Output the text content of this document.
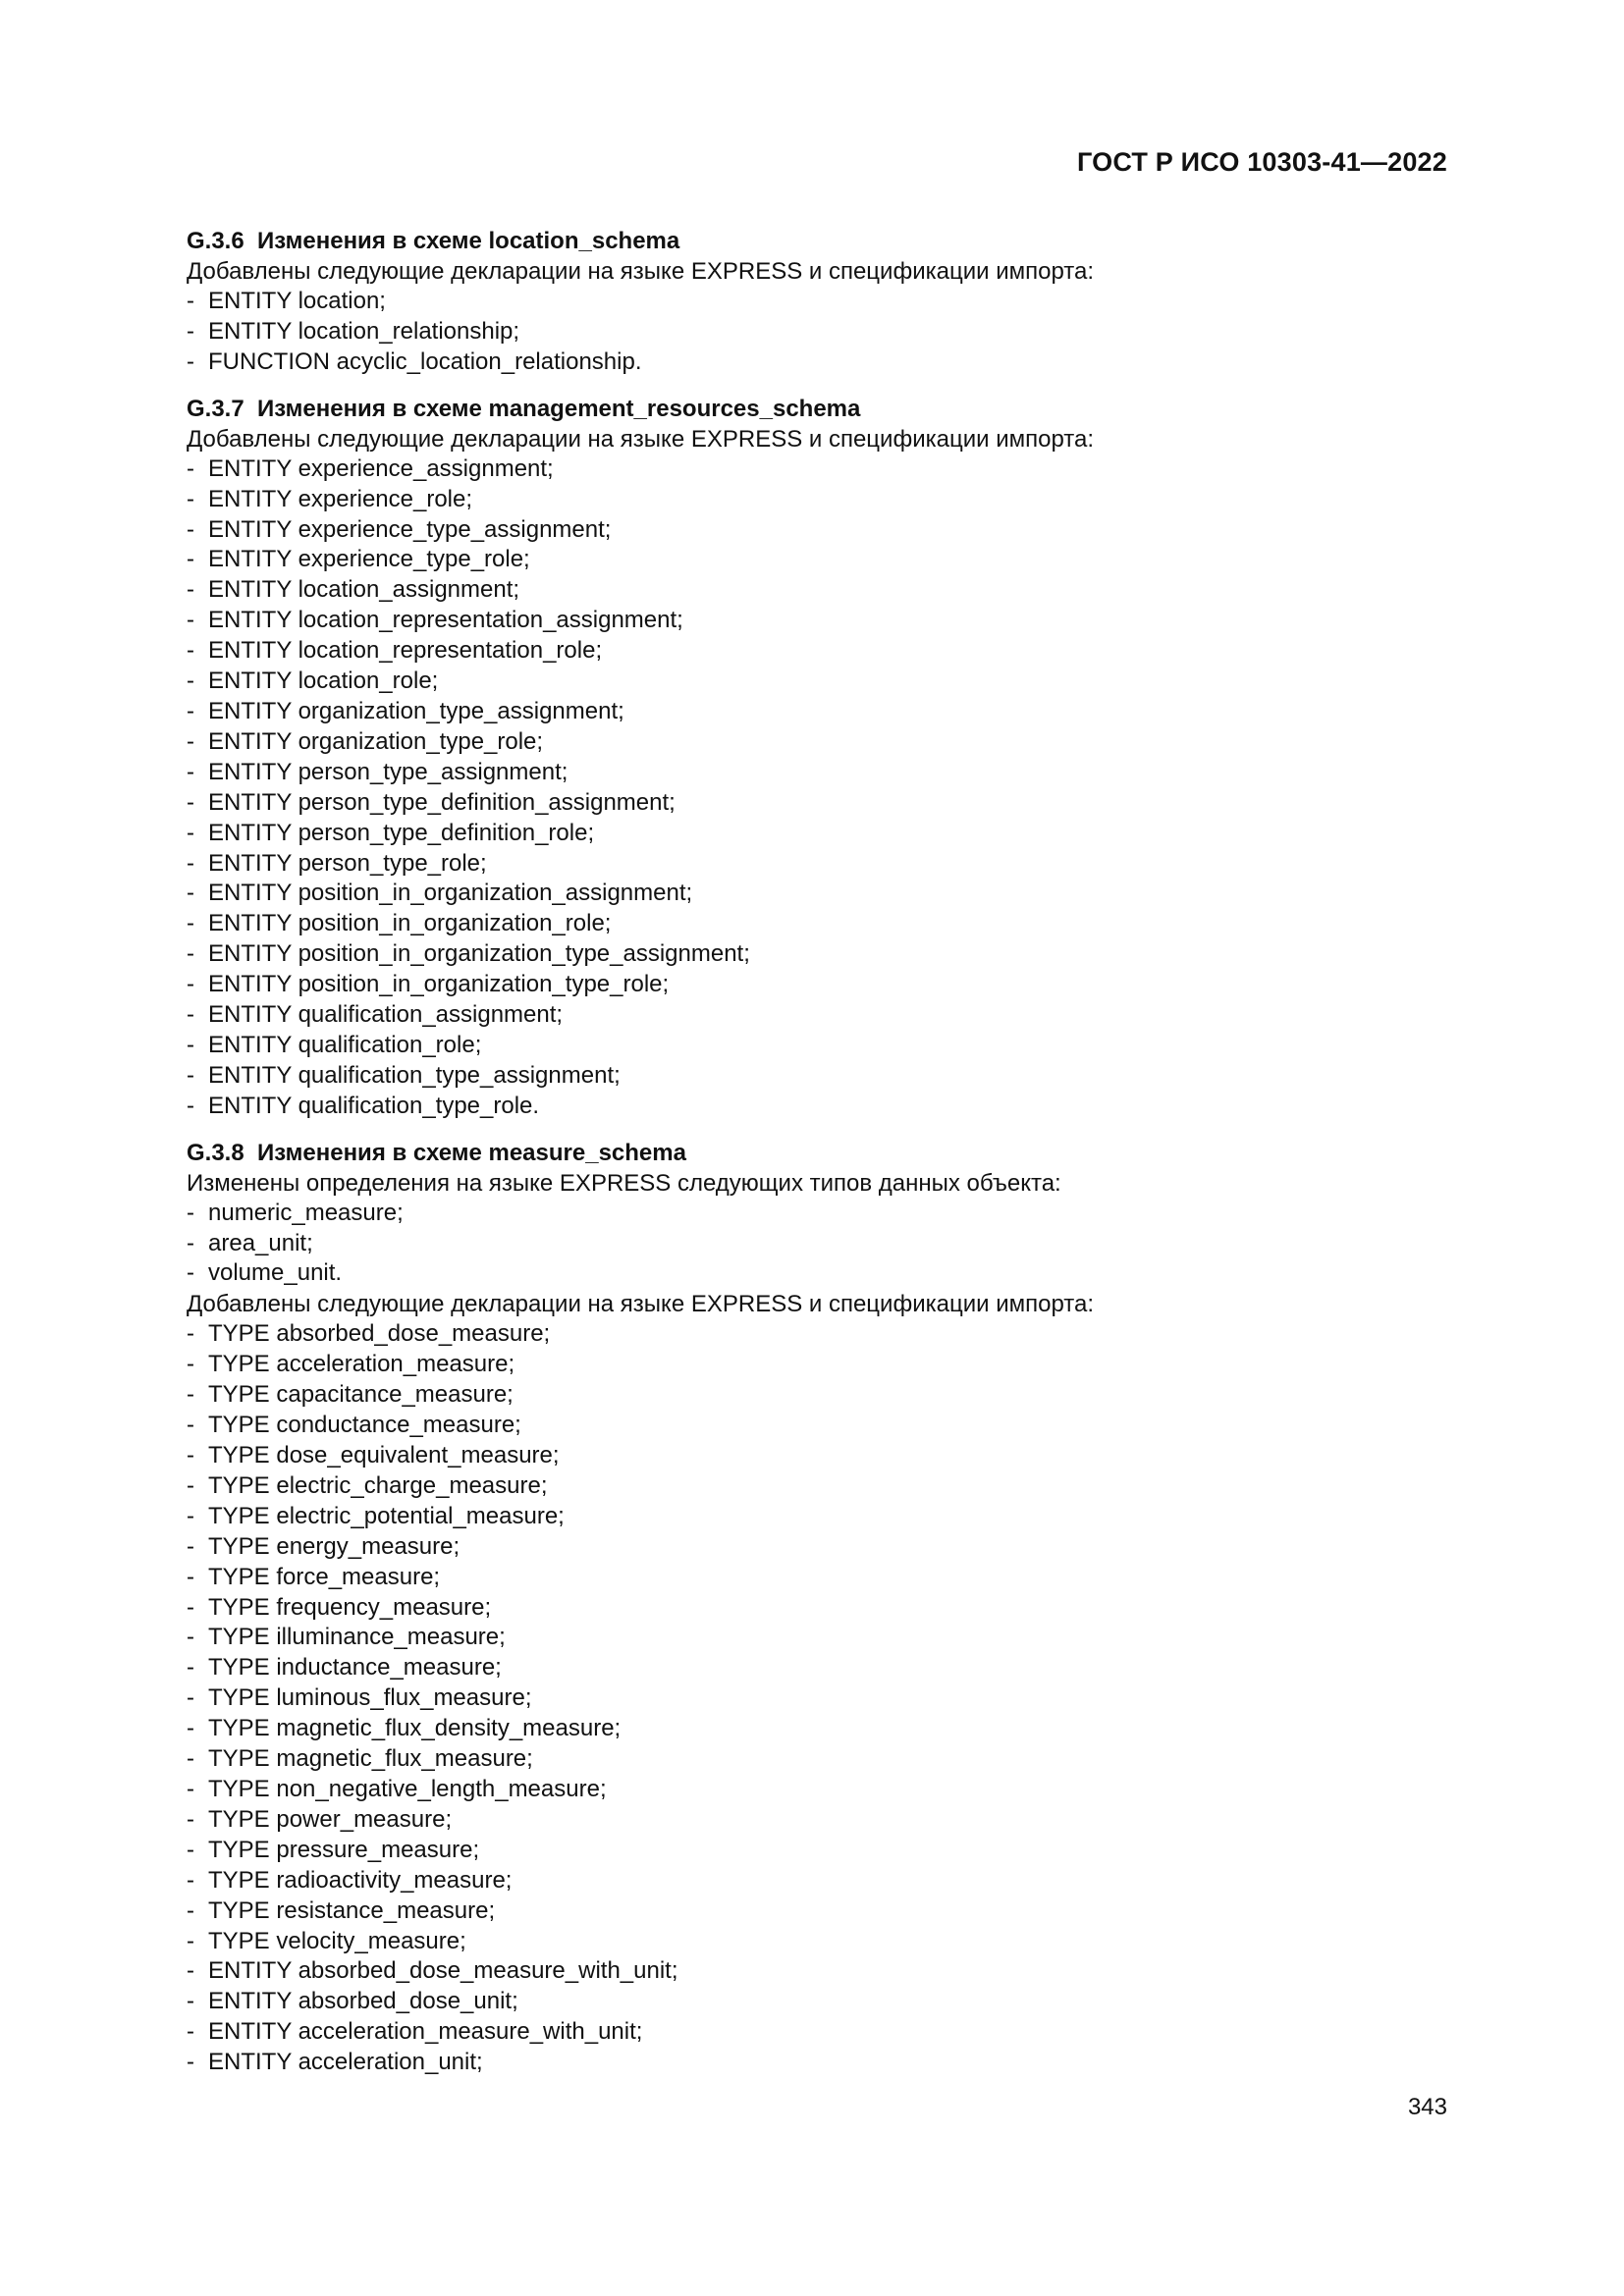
ГОСТ Р ИСО 10303-41—2022
G.3.6  Изменения в схеме location_schema
Добавлены следующие декларации на языке EXPRESS и спецификации импорта:
- ENTITY location;
- ENTITY location_relationship;
- FUNCTION acyclic_location_relationship.
G.3.7  Изменения в схеме management_resources_schema
Добавлены следующие декларации на языке EXPRESS и спецификации импорта:
- ENTITY experience_assignment;
- ENTITY experience_role;
- ENTITY experience_type_assignment;
- ENTITY experience_type_role;
- ENTITY location_assignment;
- ENTITY location_representation_assignment;
- ENTITY location_representation_role;
- ENTITY location_role;
- ENTITY organization_type_assignment;
- ENTITY organization_type_role;
- ENTITY person_type_assignment;
- ENTITY person_type_definition_assignment;
- ENTITY person_type_definition_role;
- ENTITY person_type_role;
- ENTITY position_in_organization_assignment;
- ENTITY position_in_organization_role;
- ENTITY position_in_organization_type_assignment;
- ENTITY position_in_organization_type_role;
- ENTITY qualification_assignment;
- ENTITY qualification_role;
- ENTITY qualification_type_assignment;
- ENTITY qualification_type_role.
G.3.8  Изменения в схеме measure_schema
Изменены определения на языке EXPRESS следующих типов данных объекта:
- numeric_measure;
- area_unit;
- volume_unit.
Добавлены следующие декларации на языке EXPRESS и спецификации импорта:
- TYPE absorbed_dose_measure;
- TYPE acceleration_measure;
- TYPE capacitance_measure;
- TYPE conductance_measure;
- TYPE dose_equivalent_measure;
- TYPE electric_charge_measure;
- TYPE electric_potential_measure;
- TYPE energy_measure;
- TYPE force_measure;
- TYPE frequency_measure;
- TYPE illuminance_measure;
- TYPE inductance_measure;
- TYPE luminous_flux_measure;
- TYPE magnetic_flux_density_measure;
- TYPE magnetic_flux_measure;
- TYPE non_negative_length_measure;
- TYPE power_measure;
- TYPE pressure_measure;
- TYPE radioactivity_measure;
- TYPE resistance_measure;
- TYPE velocity_measure;
- ENTITY absorbed_dose_measure_with_unit;
- ENTITY absorbed_dose_unit;
- ENTITY acceleration_measure_with_unit;
- ENTITY acceleration_unit;
343
